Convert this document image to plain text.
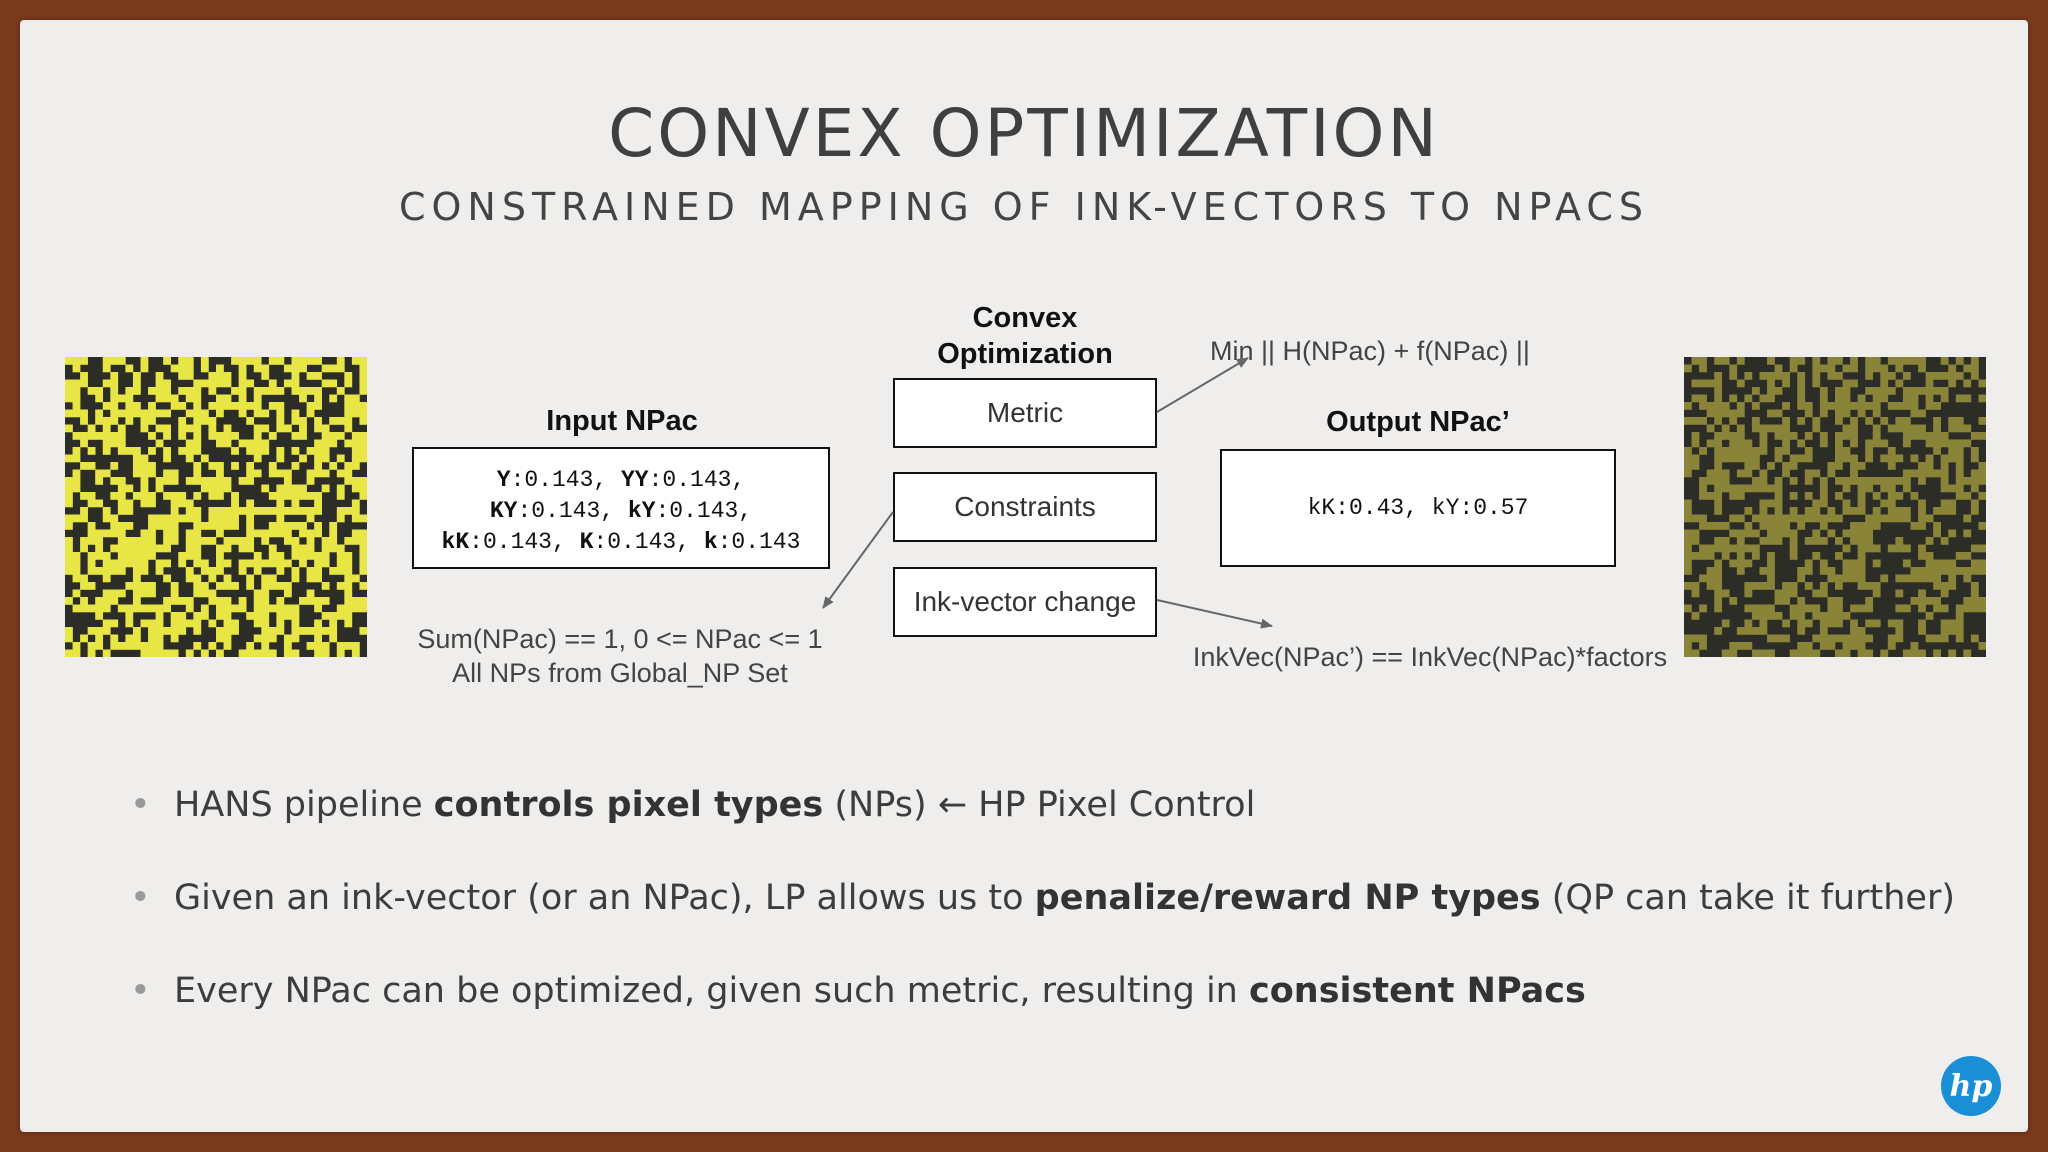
CONVEX OPTIMIZATION
CONSTRAINED MAPPING OF INK-VECTORS TO NPACS
Input NPac
Y:0.143, YY:0.143,
KY:0.143, kY:0.143,
kK:0.143, K:0.143, k:0.143
Convex
Optimization
Metric
Constraints
Ink-vector change
Output NPac’
kK:0.43, kY:0.57
Min || H(NPac) + f(NPac) ||
Sum(NPac) == 1, 0 <= NPac <= 1
All NPs from Global_NP Set
InkVec(NPac’) == InkVec(NPac)*factors
• HANS pipeline controls pixel types (NPs) ← HP Pixel Control
• Given an ink-vector (or an NPac), LP allows us to penalize/reward NP types (QP can take it further)
• Every NPac can be optimized, given such metric, resulting in consistent NPacs
hp
